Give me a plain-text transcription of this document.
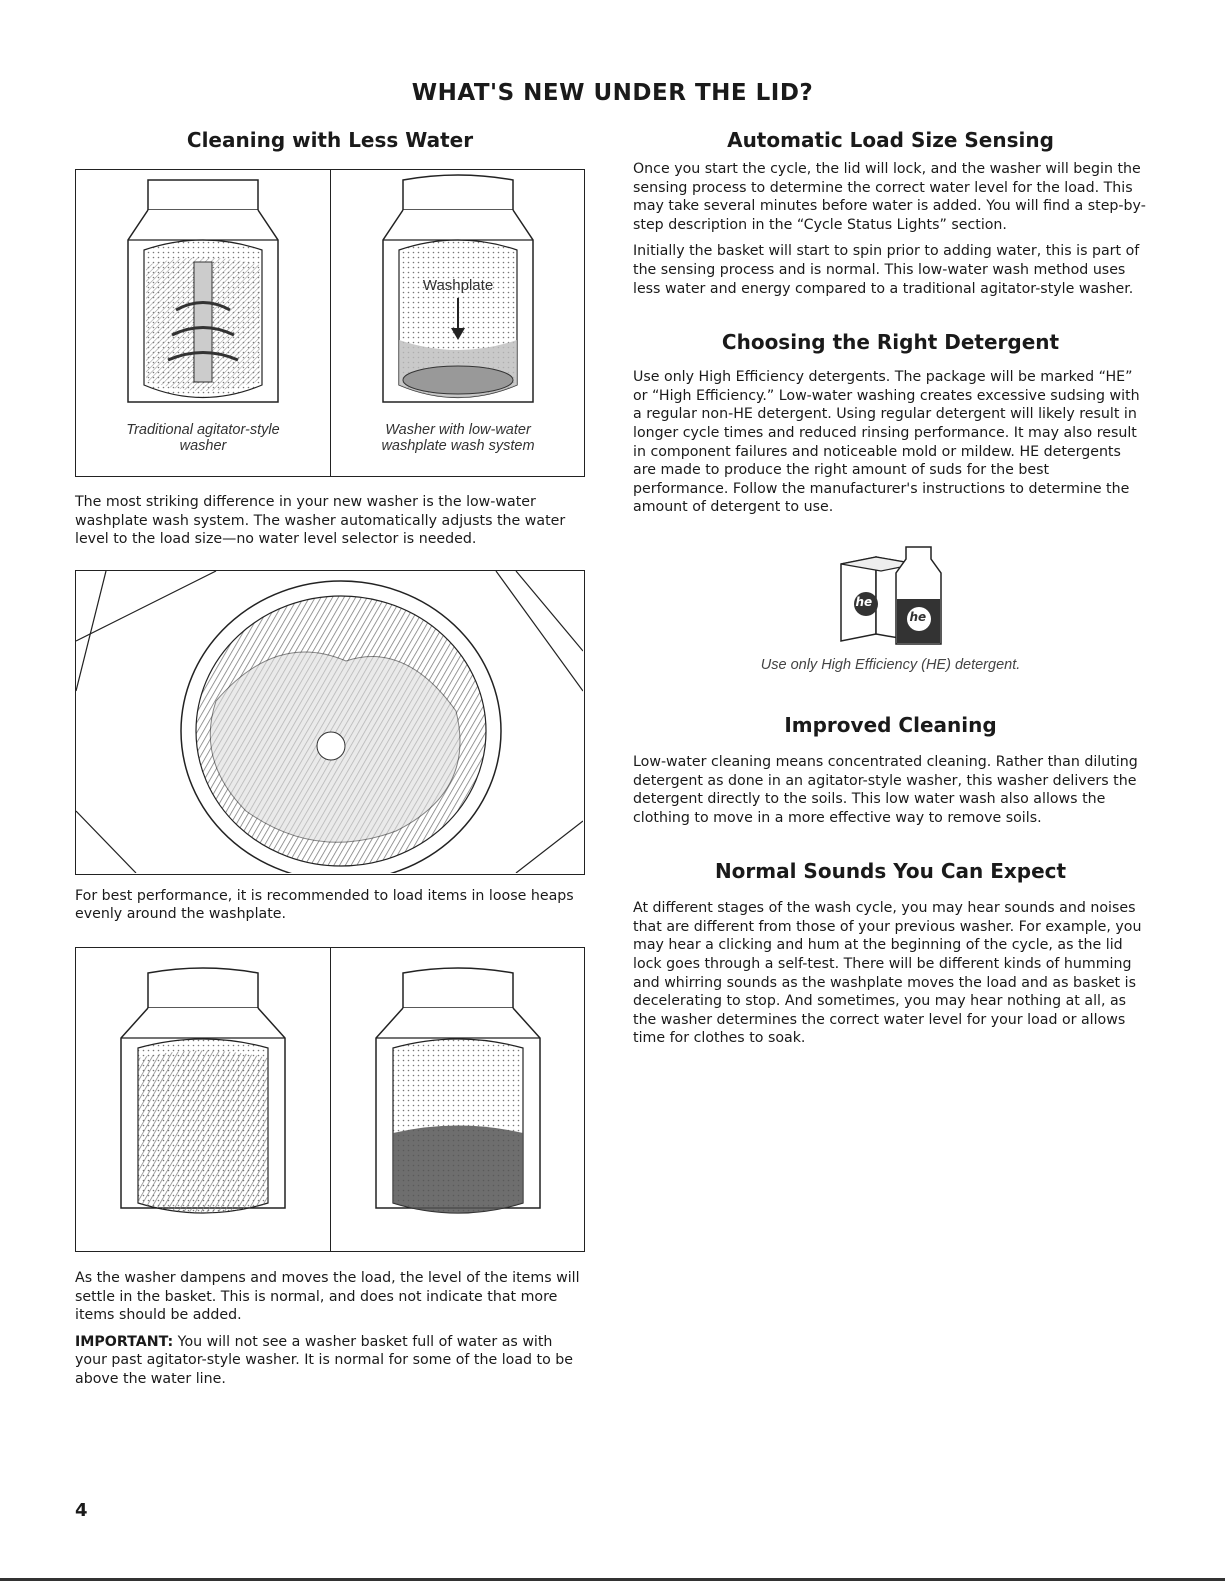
WHAT'S NEW UNDER THE LID?
Cleaning with Less Water
Traditional agitator-style washer
Washplate
Washer with low-water washplate wash system

The most striking difference in your new washer is the low-water washplate wash system. The washer automatically adjusts the water level to the load size—no water level selector is needed.

For best performance, it is recommended to load items in loose heaps evenly around the washplate.

As the washer dampens and moves the load, the level of the items will settle in the basket. This is normal, and does not indicate that more items should be added.

IMPORTANT: You will not see a washer basket full of water as with your past agitator-style washer. It is normal for some of the load to be above the water line.

Automatic Load Size Sensing

Once you start the cycle, the lid will lock, and the washer will begin the sensing process to determine the correct water level for the load. This may take several minutes before water is added. You will find a step-by-step description in the “Cycle Status Lights” section.

Initially the basket will start to spin prior to adding water, this is part of the sensing process and is normal. This low-water wash method uses less water and energy compared to a traditional agitator-style washer.

Choosing the Right Detergent

Use only High Efficiency detergents. The package will be marked “HE” or “High Efficiency.” Low-water washing creates excessive sudsing with a regular non-HE detergent. Using regular detergent will likely result in longer cycle times and reduced rinsing performance. It may also result in component failures and noticeable mold or mildew. HE detergents are made to produce the right amount of suds for the best performance. Follow the manufacturer's instructions to determine the amount of detergent to use.

he
he
Use only High Efficiency (HE) detergent.
Improved Cleaning

Low-water cleaning means concentrated cleaning. Rather than diluting detergent as done in an agitator-style washer, this washer delivers the detergent directly to the soils. This low water wash also allows the clothing to move in a more effective way to remove soils.

Normal Sounds You Can Expect

At different stages of the wash cycle, you may hear sounds and noises that are different from those of your previous washer. For example, you may hear a clicking and hum at the beginning of the cycle, as the lid lock goes through a self-test. There will be different kinds of humming and whirring sounds as the washplate moves the load and as basket is decelerating to stop. And sometimes, you may hear nothing at all, as the washer determines the correct water level for your load or allows time for clothes to soak.

4
